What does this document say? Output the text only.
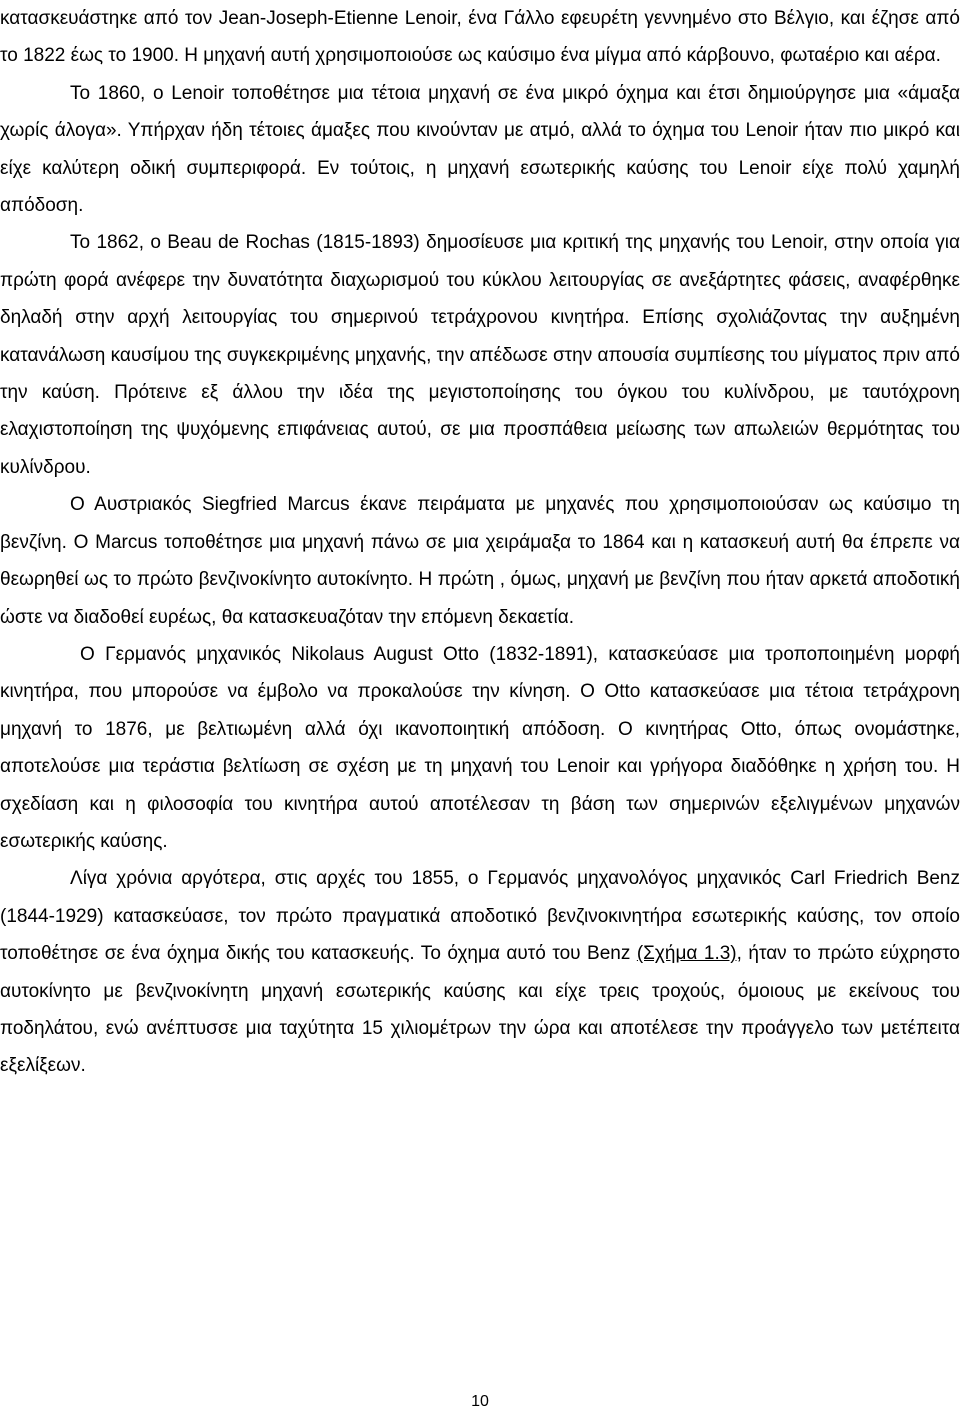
κατασκευάστηκε από τον Jean-Joseph-Etienne Lenoir, ένα Γάλλο εφευρέτη γεννημένο στο Βέλγιο, και έζησε από το 1822 έως το 1900. Η μηχανή αυτή χρησιμοποιούσε ως καύσιμο ένα μίγμα από κάρβουνο, φωταέριο και αέρα.

Το 1860, ο Lenoir τοποθέτησε μια τέτοια μηχανή σε ένα μικρό όχημα και έτσι δημιούργησε μια «άμαξα χωρίς άλογα». Υπήρχαν ήδη τέτοιες άμαξες που κινούνταν με ατμό, αλλά το όχημα του Lenoir ήταν πιο μικρό και είχε καλύτερη οδική συμπεριφορά. Εν τούτοις, η μηχανή εσωτερικής καύσης του Lenoir είχε πολύ χαμηλή απόδοση.

Το 1862, ο Beau de Rochas (1815-1893) δημοσίευσε μια κριτική της μηχανής του Lenoir, στην οποία για πρώτη φορά ανέφερε την δυνατότητα διαχωρισμού του κύκλου λειτουργίας σε ανεξάρτητες φάσεις, αναφέρθηκε δηλαδή στην αρχή λειτουργίας του σημερινού τετράχρονου κινητήρα. Επίσης σχολιάζοντας την αυξημένη κατανάλωση καυσίμου της συγκεκριμένης μηχανής, την απέδωσε στην απουσία συμπίεσης του μίγματος πριν από την καύση. Πρότεινε εξ άλλου την ιδέα της μεγιστοποίησης του όγκου του κυλίνδρου, με ταυτόχρονη ελαχιστοποίηση της ψυχόμενης επιφάνειας αυτού, σε μια προσπάθεια μείωσης των απωλειών θερμότητας του κυλίνδρου.

Ο Αυστριακός Siegfried Marcus έκανε πειράματα με μηχανές που χρησιμοποιούσαν ως καύσιμο τη βενζίνη. Ο Marcus τοποθέτησε μια μηχανή πάνω σε μια χειράμαξα το 1864 και η κατασκευή αυτή θα έπρεπε να θεωρηθεί ως το πρώτο βενζινοκίνητο αυτοκίνητο. Η πρώτη , όμως, μηχανή με βενζίνη που ήταν αρκετά αποδοτική ώστε να διαδοθεί ευρέως, θα κατασκευαζόταν την επόμενη δεκαετία.

Ο Γερμανός μηχανικός Nikolaus August Otto (1832-1891), κατασκεύασε μια τροποποιημένη μορφή κινητήρα, που μπορούσε να έμβολο να προκαλούσε την κίνηση. Ο Otto κατασκεύασε μια τέτοια τετράχρονη μηχανή το 1876, με βελτιωμένη αλλά όχι ικανοποιητική απόδοση. Ο κινητήρας Otto, όπως ονομάστηκε, αποτελούσε μια τεράστια βελτίωση σε σχέση με τη μηχανή του Lenoir και γρήγορα διαδόθηκε η χρήση του. Η σχεδίαση και η φιλοσοφία του κινητήρα αυτού αποτέλεσαν τη βάση των σημερινών εξελιγμένων μηχανών εσωτερικής καύσης.

Λίγα χρόνια αργότερα, στις αρχές του 1855, ο Γερμανός μηχανολόγος μηχανικός Carl Friedrich Benz (1844-1929) κατασκεύασε, τον πρώτο πραγματικά αποδοτικό βενζινοκινητήρα εσωτερικής καύσης, τον οποίο τοποθέτησε σε ένα όχημα δικής του κατασκευής. Το όχημα αυτό του Benz (Σχήμα 1.3), ήταν το πρώτο εύχρηστο αυτοκίνητο με βενζινοκίνητη μηχανή εσωτερικής καύσης και είχε τρεις τροχούς, όμοιους με εκείνους του ποδηλάτου, ενώ ανέπτυσσε μια ταχύτητα 15 χιλιομέτρων την ώρα και αποτέλεσε την προάγγελο των μετέπειτα εξελίξεων.

10
